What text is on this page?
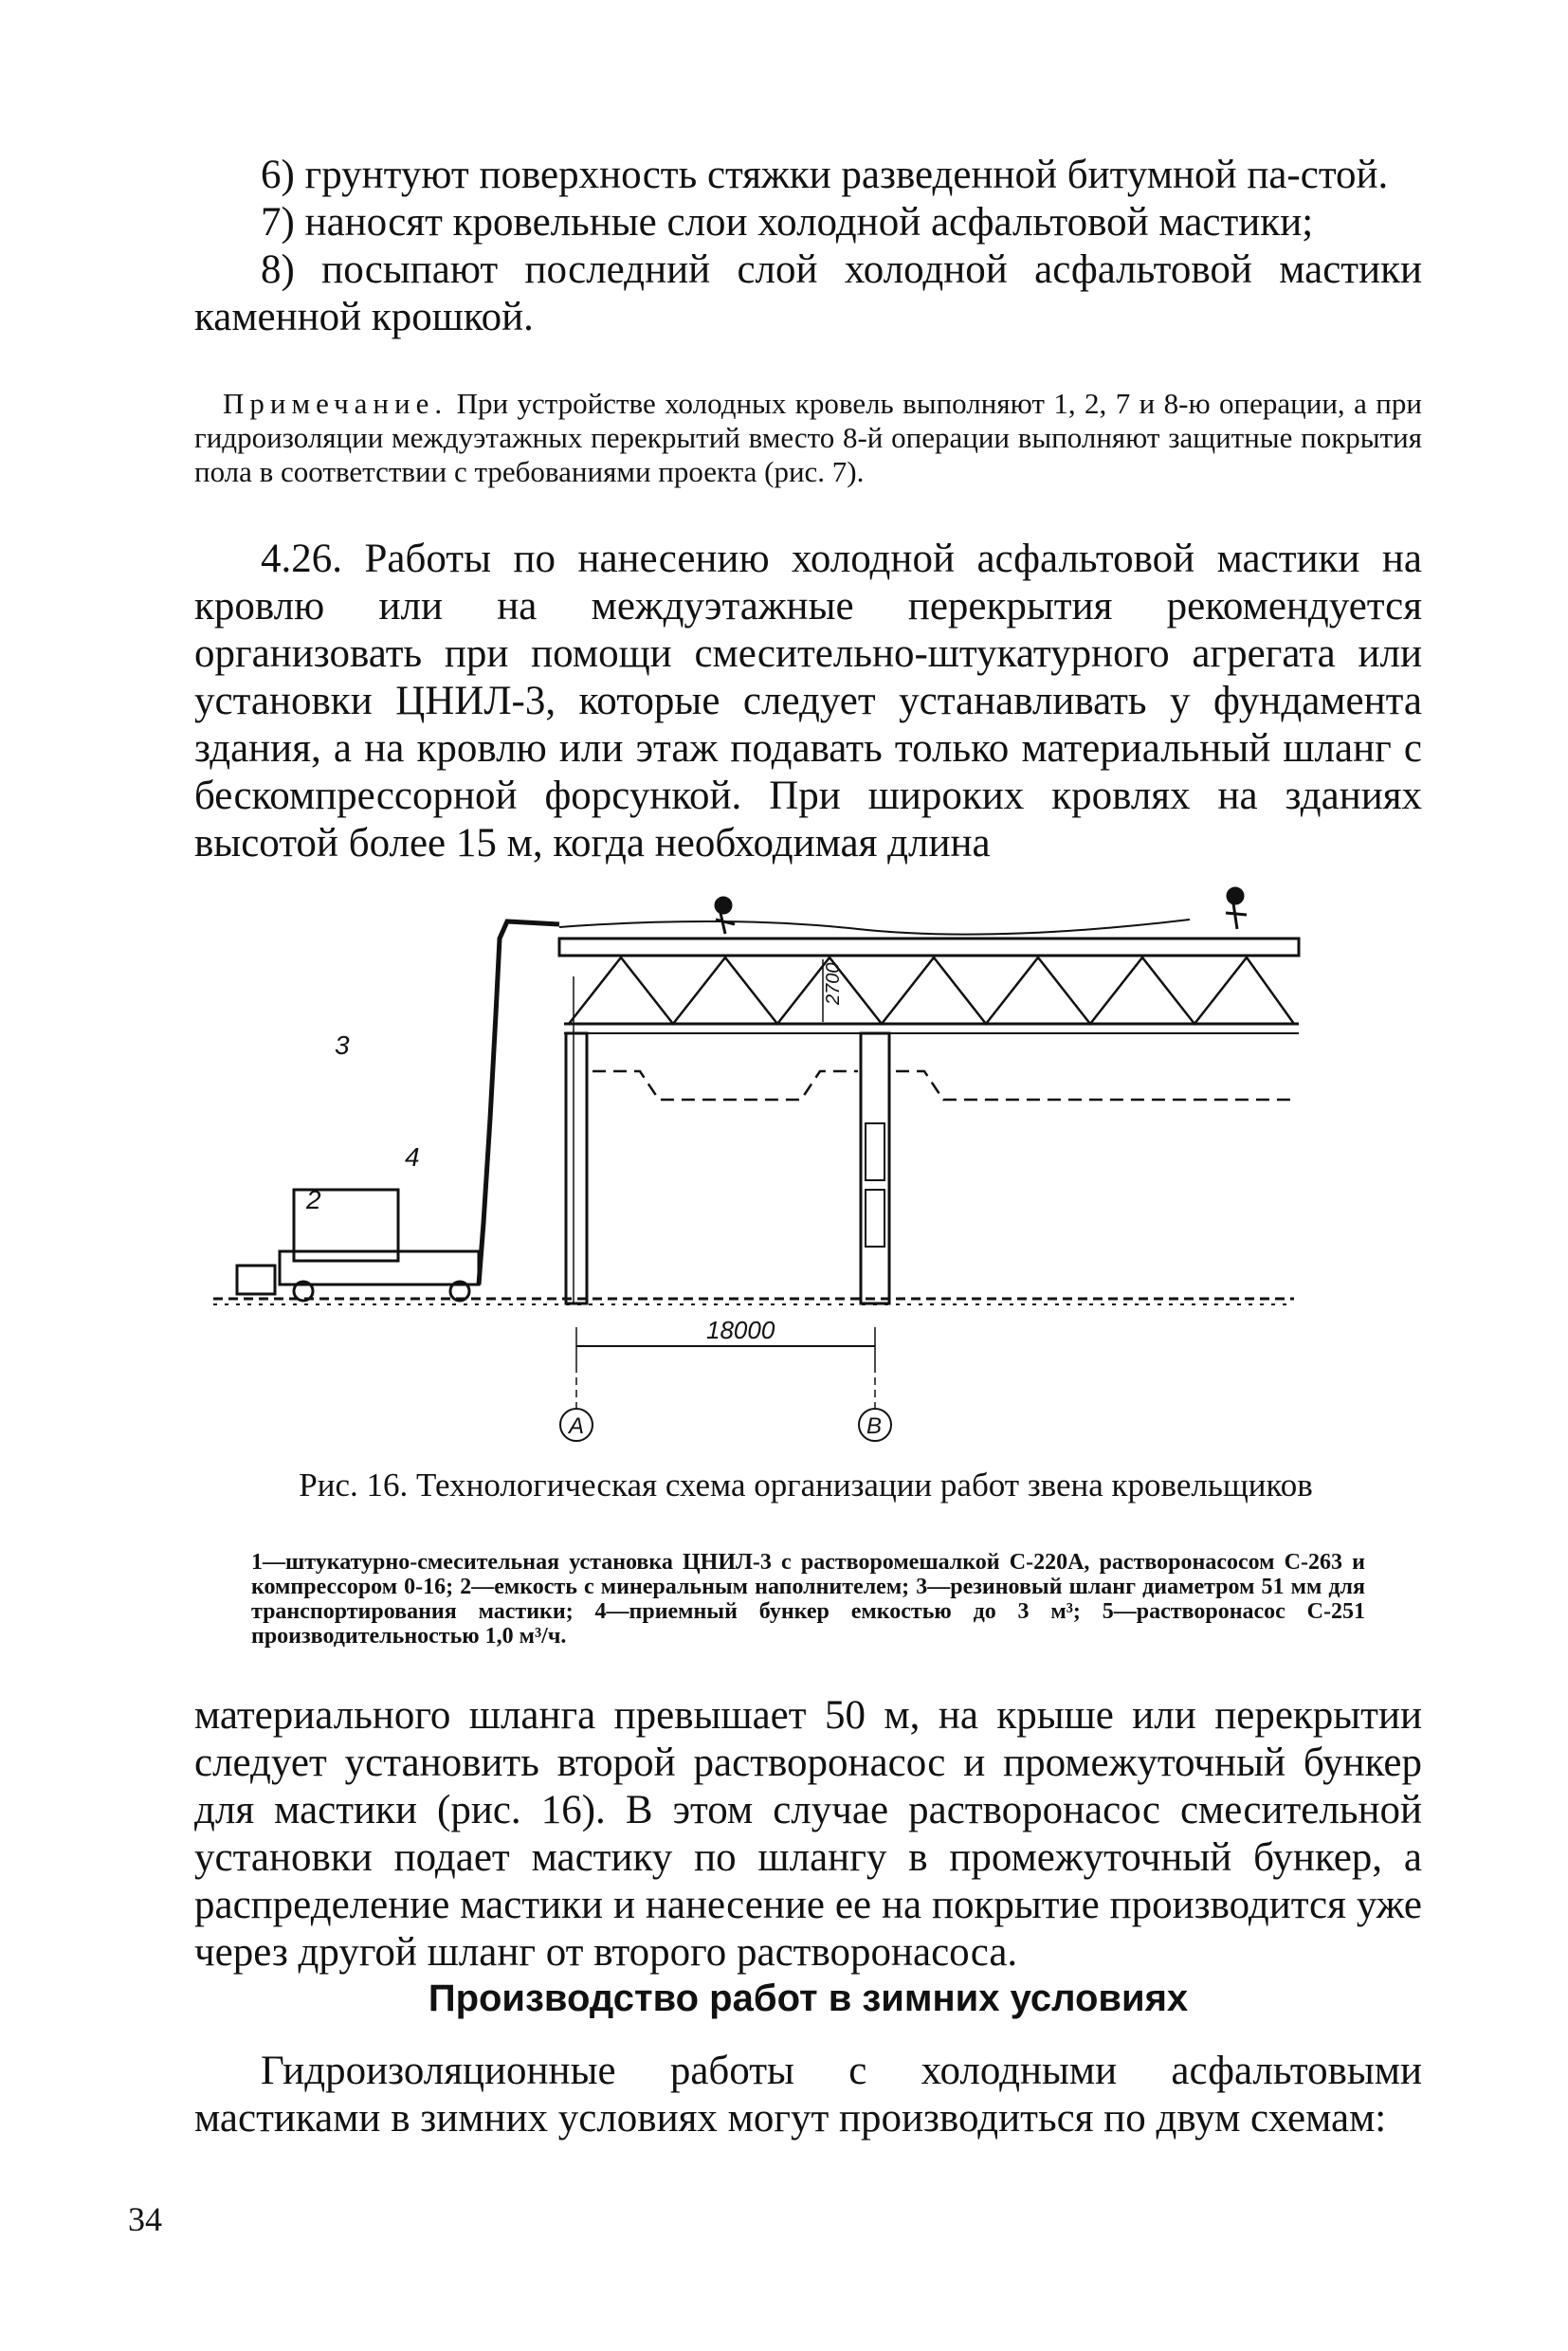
6) грунтуют поверхность стяжки разведенной битумной па-стой.

7) наносят кровельные слои холодной асфальтовой мастики;

8) посыпают последний слой холодной асфальтовой мастики каменной крошкой.

Примечание. При устройстве холодных кровель выполняют 1, 2, 7 и 8-ю операции, а при гидроизоляции междуэтажных перекрытий вместо 8-й операции выполняют защитные покрытия пола в соответствии с требованиями проекта (рис. 7).

4.26. Работы по нанесению холодной асфальтовой мастики на кровлю или на междуэтажные перекрытия рекомендуется организовать при помощи смесительно-штукатурного агрегата или установки ЦНИЛ-3, которые следует устанавливать у фундамента здания, а на кровлю или этаж подавать только материальный шланг с бескомпрессорной форсункой. При широких кровлях на зданиях высотой более 15 м, когда необходимая длина

18000
2700
А	В
2
3
4
Рис. 16. Технологическая схема организации работ звена кровельщиков
1—штукатурно-смесительная установка ЦНИЛ-3 с растворомешалкой С-220А, растворонасосом С-263 и компрессором 0-16; 2—емкость с минеральным наполнителем; 3—резиновый шланг диаметром 51 мм для транспортирования мастики; 4—приемный бункер емкостью до 3 м³; 5—растворонасос С-251 производительностью 1,0 м³/ч.

материального шланга превышает 50 м, на крыше или перекрытии следует установить второй растворонасос и промежуточный бункер для мастики (рис. 16). В этом случае растворонасос смесительной установки подает мастику по шлангу в промежуточный бункер, а распределение мастики и нанесение ее на покрытие производится уже через другой шланг от второго растворонасоса.

Производство работ в зимних условиях

Гидроизоляционные работы с холодными асфальтовыми мастиками в зимних условиях могут производиться по двум схемам:

34
